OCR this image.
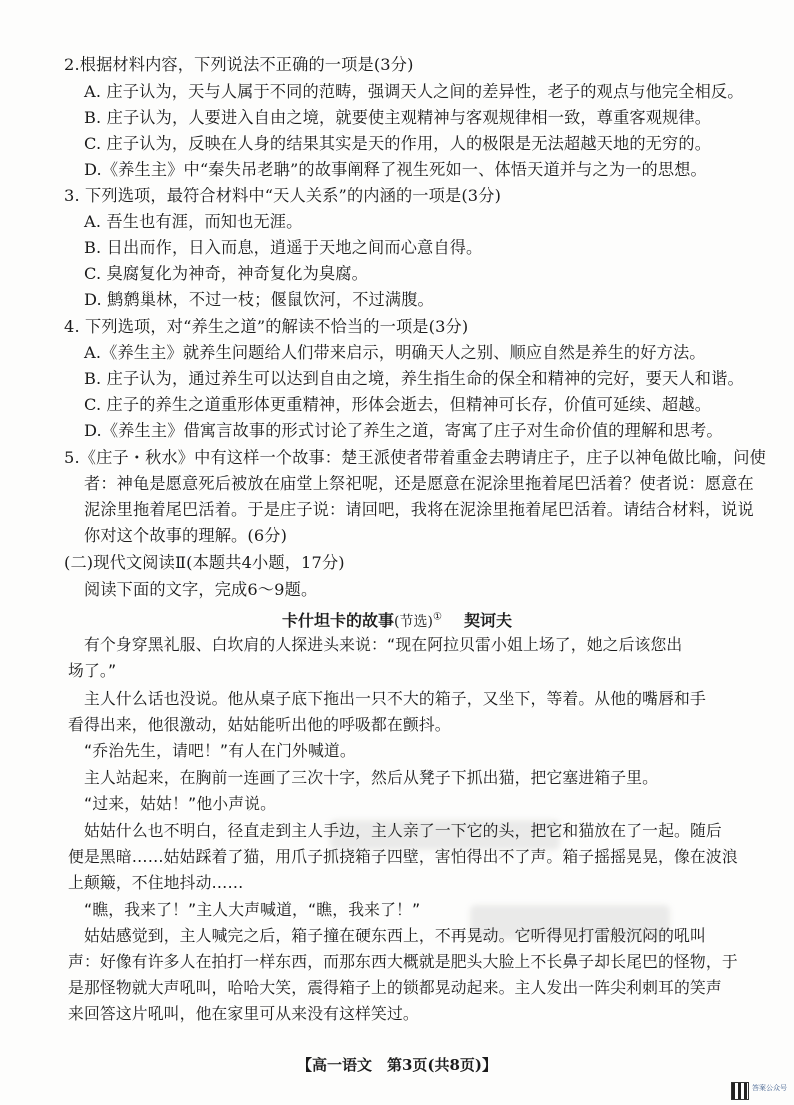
2.根据材料内容，下列说法不正确的一项是(3分)
A. 庄子认为，天与人属于不同的范畴，强调天人之间的差异性，老子的观点与他完全相反。
B. 庄子认为，人要进入自由之境，就要使主观精神与客观规律相一致，尊重客观规律。
C. 庄子认为，反映在人身的结果其实是天的作用，人的极限是无法超越天地的无穷的。
D.《养生主》中“秦失吊老聃”的故事阐释了视生死如一、体悟天道并与之为一的思想。
3. 下列选项，最符合材料中“天人关系”的内涵的一项是(3分)
A. 吾生也有涯，而知也无涯。
B. 日出而作，日入而息，逍遥于天地之间而心意自得。
C. 臭腐复化为神奇，神奇复化为臭腐。
D. 鹪鹩巢林，不过一枝；偃鼠饮河，不过满腹。
4. 下列选项，对“养生之道”的解读不恰当的一项是(3分)
A.《养生主》就养生问题给人们带来启示，明确天人之别、顺应自然是养生的好方法。
B. 庄子认为，通过养生可以达到自由之境，养生指生命的保全和精神的完好，要天人和谐。
C. 庄子的养生之道重形体更重精神，形体会逝去，但精神可长存，价值可延续、超越。
D.《养生主》借寓言故事的形式讨论了养生之道，寄寓了庄子对生命价值的理解和思考。
5.《庄子・秋水》中有这样一个故事：楚王派使者带着重金去聘请庄子，庄子以神龟做比喻，问使
者：神龟是愿意死后被放在庙堂上祭祀呢，还是愿意在泥涂里拖着尾巴活着？使者说：愿意在
泥涂里拖着尾巴活着。于是庄子说：请回吧，我将在泥涂里拖着尾巴活着。请结合材料，说说
你对这个故事的理解。(6分)
(二)现代文阅读Ⅱ(本题共4小题，17分)
阅读下面的文字，完成6～9题。
卡什坦卡的故事(节选)① 契诃夫
有个身穿黑礼服、白坎肩的人探进头来说：“现在阿拉贝雷小姐上场了，她之后该您出
场了。”
主人什么话也没说。他从桌子底下拖出一只不大的箱子，又坐下，等着。从他的嘴唇和手
看得出来，他很激动，姑姑能听出他的呼吸都在颤抖。
“乔治先生，请吧！”有人在门外喊道。
主人站起来，在胸前一连画了三次十字，然后从凳子下抓出猫，把它塞进箱子里。
“过来，姑姑！”他小声说。
姑姑什么也不明白，径直走到主人手边，主人亲了一下它的头，把它和猫放在了一起。随后
便是黑暗……姑姑踩着了猫，用爪子抓挠箱子四壁，害怕得出不了声。箱子摇摇晃晃，像在波浪
上颠簸，不住地抖动……
“瞧，我来了！”主人大声喊道，“瞧，我来了！”
姑姑感觉到，主人喊完之后，箱子撞在硬东西上，不再晃动。它听得见打雷般沉闷的吼叫
声：好像有许多人在拍打一样东西，而那东西大概就是肥头大脸上不长鼻子却长尾巴的怪物，于
是那怪物就大声吼叫，哈哈大笑，震得箱子上的锁都晃动起来。主人发出一阵尖利刺耳的笑声
来回答这片吼叫，他在家里可从来没有这样笑过。
【高一语文　第3页(共8页)】
答案公众号
